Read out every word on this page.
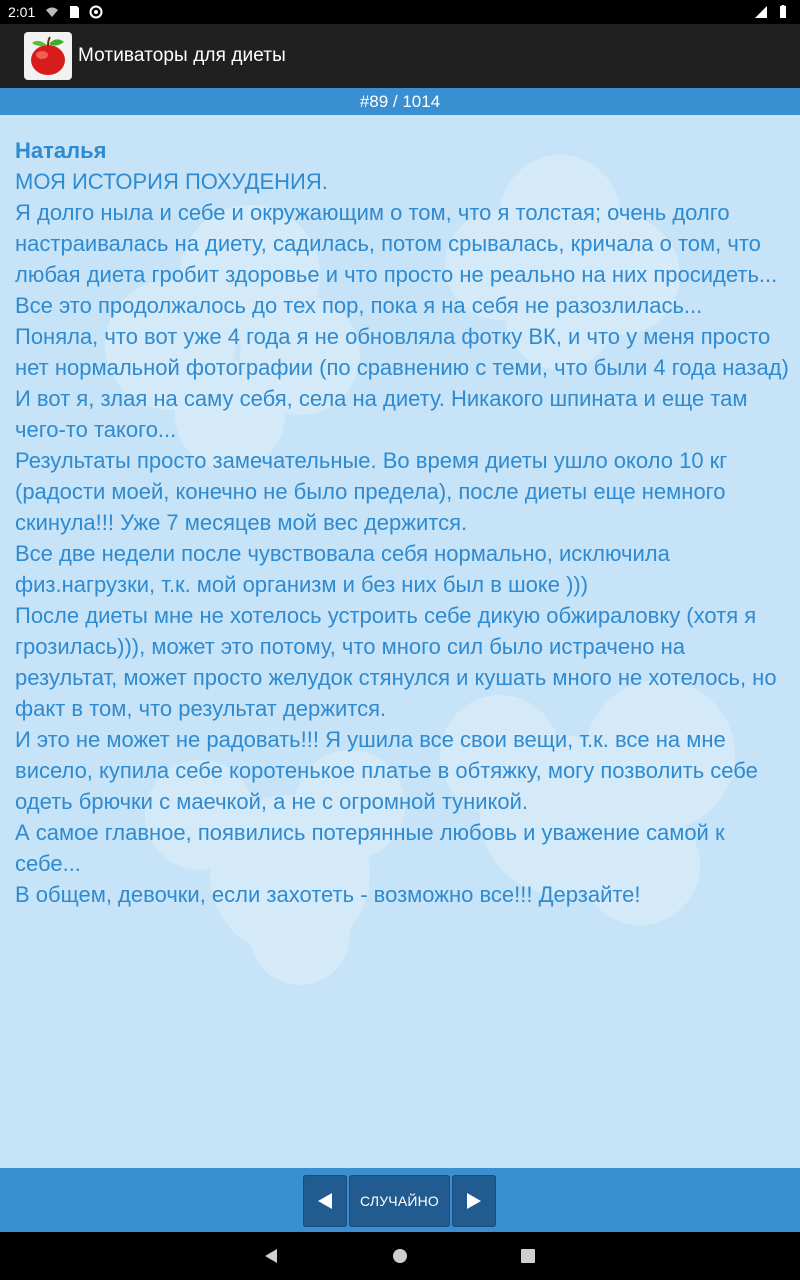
2:01
Мотиваторы для диеты
#89 / 1014
Наталья
МОЯ ИСТОРИЯ ПОХУДЕНИЯ.
Я долго ныла и себе и окружающим о том, что я толстая; очень долго настраивалась на диету, садилась, потом срывалась, кричала о том, что любая диета гробит здоровье и что просто не реально на них просидеть... Все это продолжалось до тех пор, пока я на себя не разозлилась... Поняла, что вот уже 4 года я не обновляла фотку ВК, и что у меня просто нет нормальной фотографии (по сравнению с теми, что были 4 года назад)
И вот я, злая на саму себя, села на диету. Никакого шпината и еще там чего-то такого...
Результаты просто замечательные. Во время диеты ушло около 10 кг (радости моей, конечно не было предела), после диеты еще немного скинула!!! Уже 7 месяцев мой вес держится.
Все две недели после чувствовала себя нормально, исключила физ.нагрузки, т.к. мой организм и без них был в шоке )))
После диеты мне не хотелось устроить себе дикую обжираловку (хотя я грозилась))), может это потому, что много сил было истрачено на результат, может просто желудок стянулся и кушать много не хотелось, но факт в том, что результат держится.
И это не может не радовать!!! Я ушила все свои вещи, т.к. все на мне висело, купила себе коротенькое платье в обтяжку, могу позволить себе одеть брючки с маечкой, а не с огромной туникой.
А самое главное, появились потерянные любовь и уважение самой к себе...
В общем, девочки, если захотеть - возможно все!!! Дерзайте!
СЛУЧАЙНО
